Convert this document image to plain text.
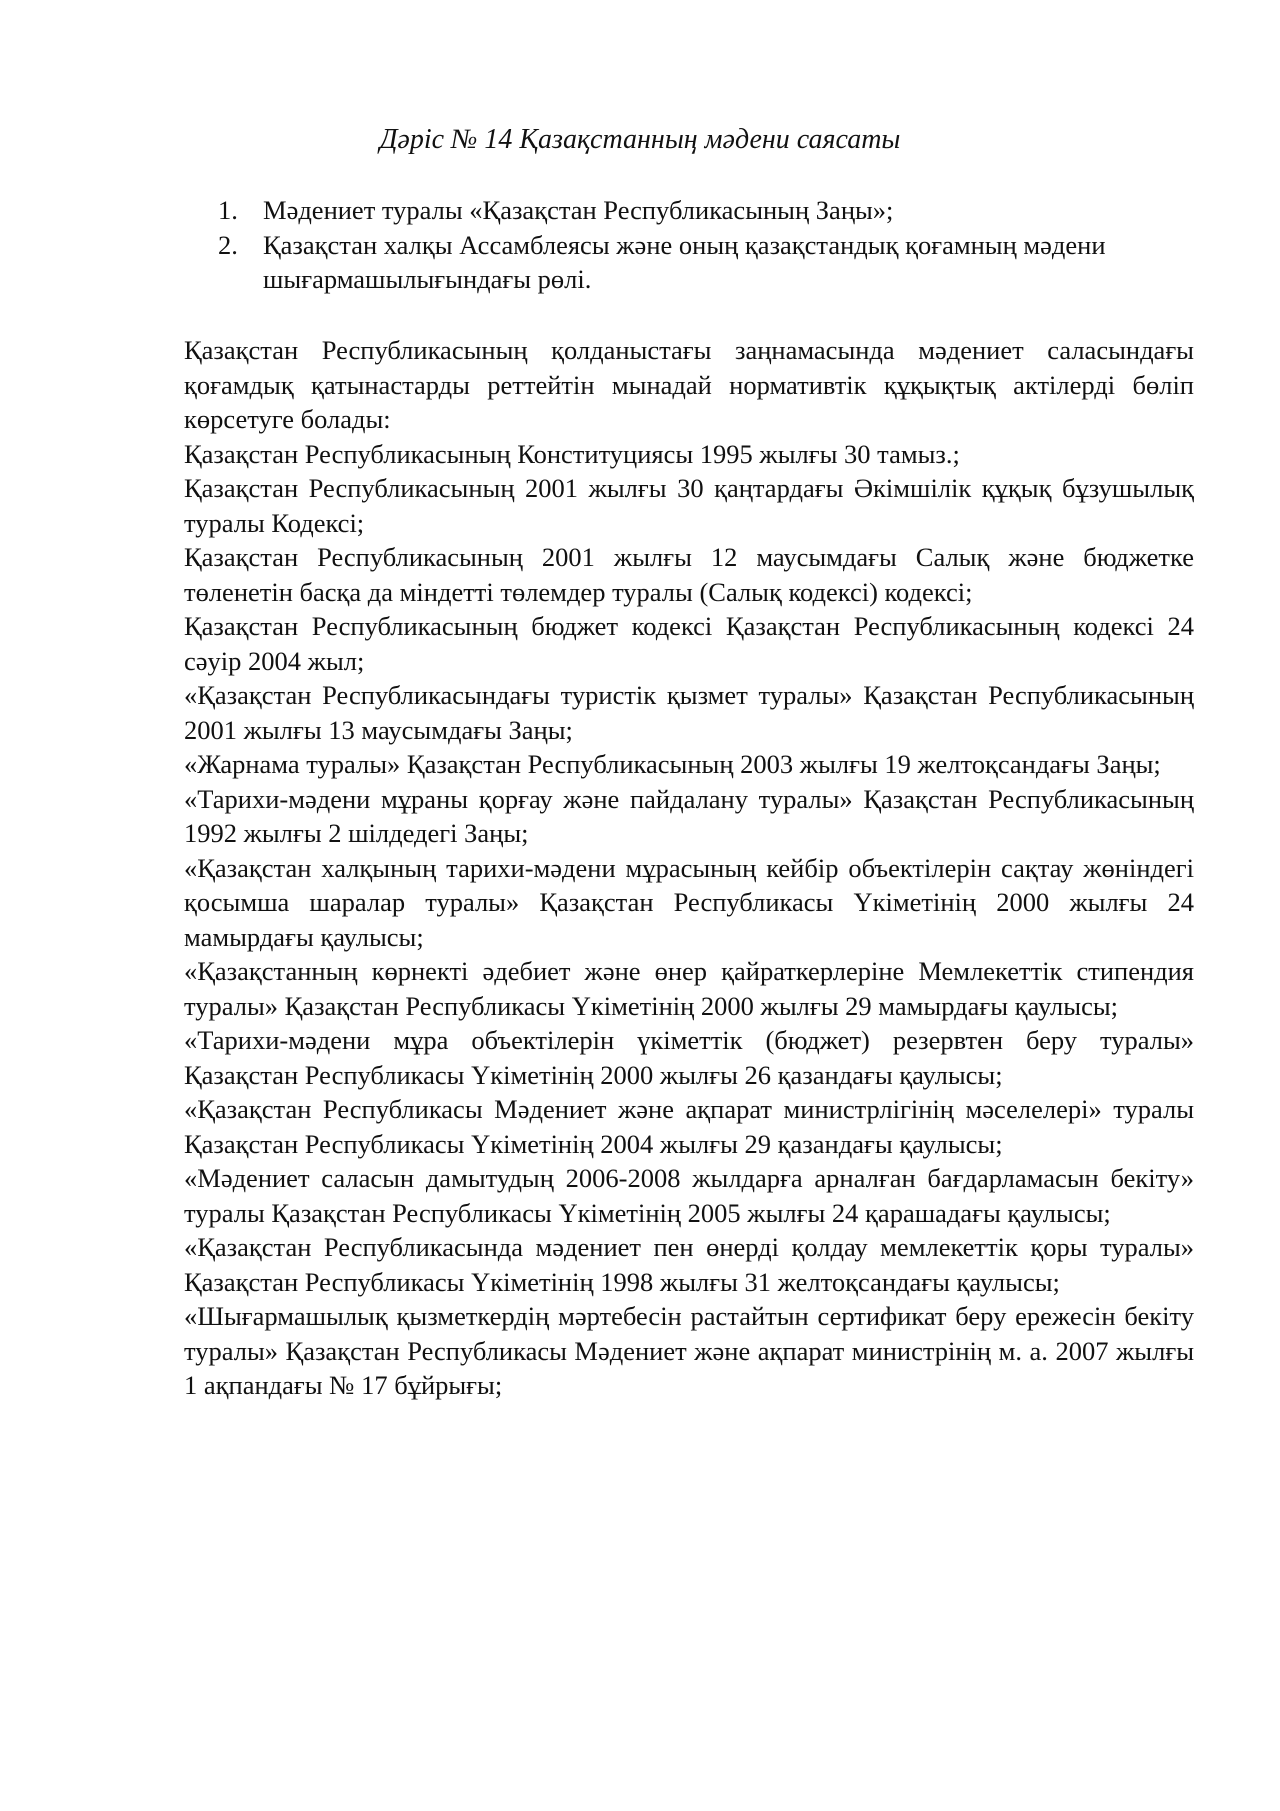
Дәріс № 14 Қазақстанның мәдени саясаты
1. Мәдениет туралы «Қазақстан Республикасының Заңы»;
2. Қазақстан халқы Ассамблеясы және оның қазақстандық қоғамның мәдени шығармашылығындағы рөлі.

Қазақстан Республикасының қолданыстағы заңнамасында мәдениет саласындағы қоғамдық қатынастарды реттейтін мынадай нормативтік құқықтық актілерді бөліп көрсетуге болады:

Қазақстан Республикасының Конституциясы 1995 жылғы 30 тамыз.;

Қазақстан Республикасының 2001 жылғы 30 қаңтардағы Әкімшілік құқық бұзушылық туралы Кодексі;

Қазақстан Республикасының 2001 жылғы 12 маусымдағы Салық және бюджетке төленетін басқа да міндетті төлемдер туралы (Салық кодексі) кодексі;

Қазақстан Республикасының бюджет кодексі Қазақстан Республикасының кодексі 24 сәуір 2004 жыл;

«Қазақстан Республикасындағы туристік қызмет туралы» Қазақстан Республикасының 2001 жылғы 13 маусымдағы Заңы;

«Жарнама туралы» Қазақстан Республикасының 2003 жылғы 19 желтоқсандағы Заңы;

«Тарихи-мәдени мұраны қорғау және пайдалану туралы» Қазақстан Республикасының 1992 жылғы 2 шілдедегі Заңы;

«Қазақстан халқының тарихи-мәдени мұрасының кейбір объектілерін сақтау жөніндегі қосымша шаралар туралы» Қазақстан Республикасы Үкіметінің 2000 жылғы 24 мамырдағы қаулысы;

«Қазақстанның көрнекті әдебиет және өнер қайраткерлеріне Мемлекеттік стипендия туралы» Қазақстан Республикасы Үкіметінің 2000 жылғы 29 мамырдағы қаулысы;

«Тарихи-мәдени мұра объектілерін үкіметтік (бюджет) резервтен беру туралы» Қазақстан Республикасы Үкіметінің 2000 жылғы 26 қазандағы қаулысы;

«Қазақстан Республикасы Мәдениет және ақпарат министрлігінің мәселелері» туралы Қазақстан Республикасы Үкіметінің 2004 жылғы 29 қазандағы қаулысы;

«Мәдениет саласын дамытудың 2006-2008 жылдарға арналған бағдарламасын бекіту» туралы Қазақстан Республикасы Үкіметінің 2005 жылғы 24 қарашадағы қаулысы;

«Қазақстан Республикасында мәдениет пен өнерді қолдау мемлекеттік қоры туралы» Қазақстан Республикасы Үкіметінің 1998 жылғы 31 желтоқсандағы қаулысы;

«Шығармашылық қызметкердің мәртебесін растайтын сертификат беру ережесін бекіту туралы» Қазақстан Республикасы Мәдениет және ақпарат министрінің м. а. 2007 жылғы 1 ақпандағы № 17 бұйрығы;
